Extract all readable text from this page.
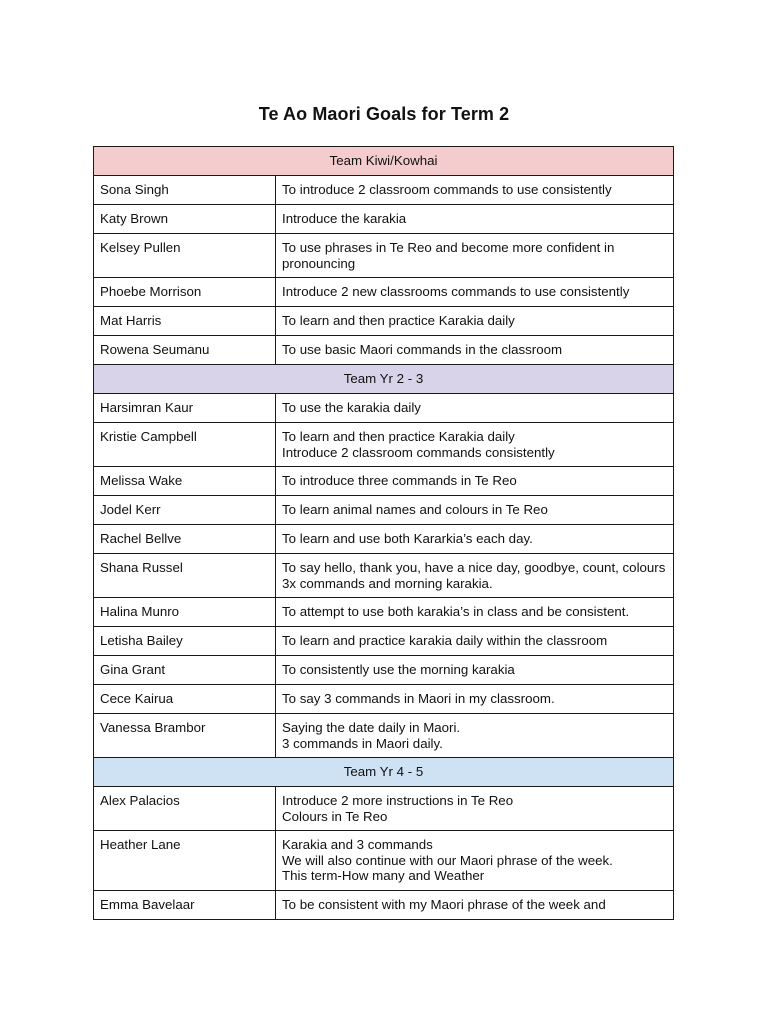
Te Ao Maori Goals for Term 2
Team Kiwi/Kowhai	
Sona Singh	To introduce 2 classroom commands to use consistently

Katy Brown	Introduce the karakia

Kelsey Pullen	To use phrases in Te Reo and become more confident in pronouncing

Phoebe Morrison	Introduce 2 new classrooms commands to use consistently

Mat Harris	To learn and then practice Karakia daily

Rowena Seumanu	To use basic Maori commands in the classroom

Team Yr 2 - 3	
Harsimran Kaur	To use the karakia daily

Kristie Campbell	To learn and then practice Karakia daily
Introduce 2 classroom commands consistently

Melissa Wake	To introduce three commands in Te Reo

Jodel Kerr	To learn animal names and colours in Te Reo

Rachel Bellve	To learn and use both Kararkia’s each day.

Shana Russel	To say hello, thank you, have a nice day, goodbye, count, colours  3x commands and morning karakia.

Halina Munro	To attempt to use both karakia’s in class and be consistent.

Letisha Bailey	To learn and practice karakia daily within the classroom

Gina Grant	To consistently use the morning karakia

Cece Kairua	To say 3 commands in Maori in my classroom.

Vanessa Brambor	Saying the date daily in Maori.
3 commands in Maori daily.

Team Yr 4 - 5	
Alex Palacios	Introduce 2 more instructions in Te Reo
Colours in Te Reo

Heather Lane	Karakia and 3 commands
We will also continue with our Maori phrase of the week.
This term-How many and Weather

Emma Bavelaar	To be consistent with my Maori phrase of the week and
